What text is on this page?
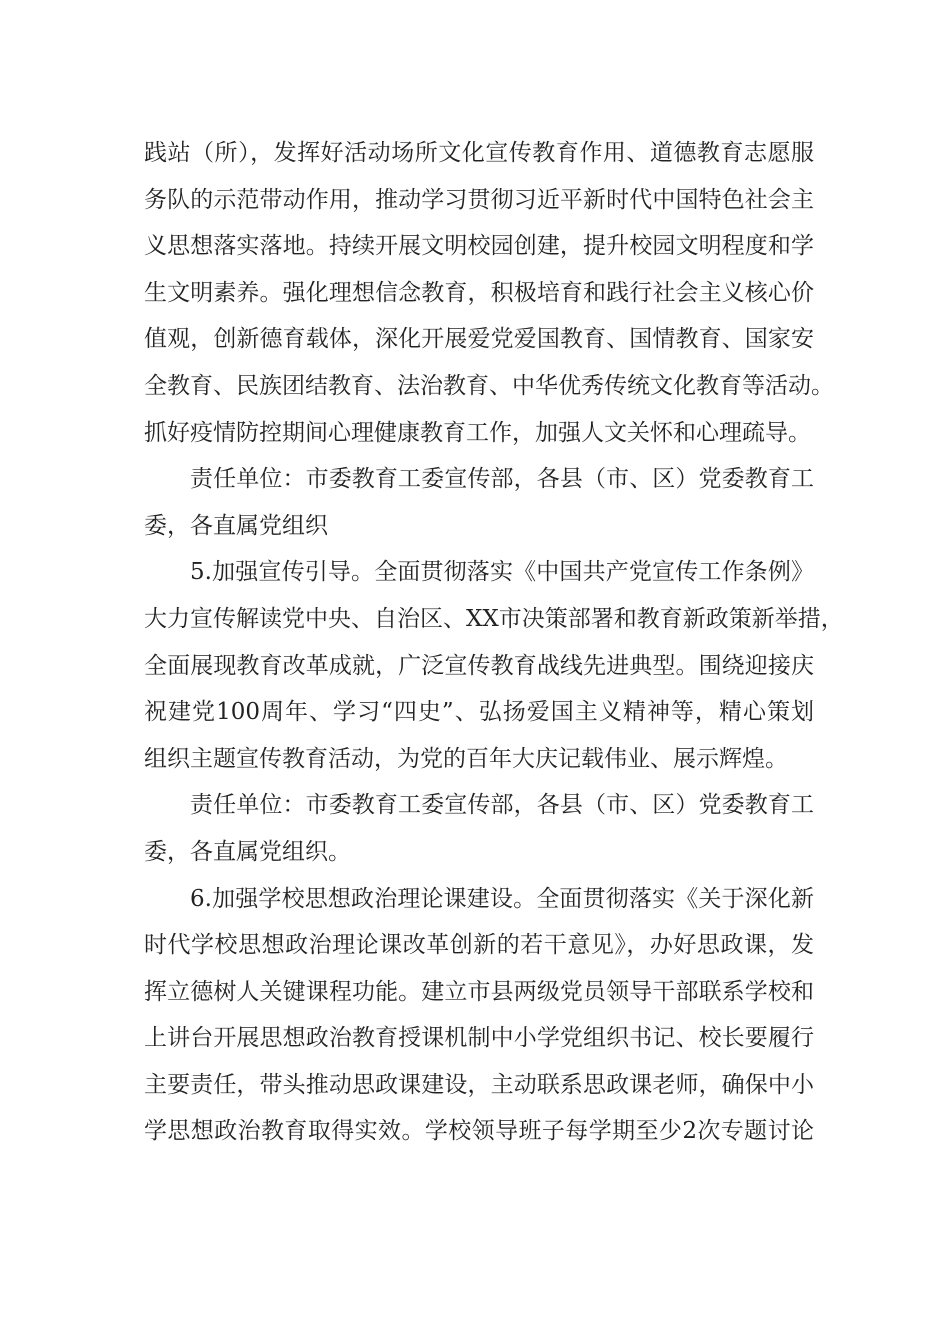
践站（所），发挥好活动场所文化宣传教育作用、道德教育志愿服
务队的示范带动作用，推动学习贯彻习近平新时代中国特色社会主
义思想落实落地。持续开展文明校园创建，提升校园文明程度和学
生文明素养。强化理想信念教育，积极培育和践行社会主义核心价
值观，创新德育载体，深化开展爱党爱国教育、国情教育、国家安
全教育、民族团结教育、法治教育、中华优秀传统文化教育等活动。
抓好疫情防控期间心理健康教育工作，加强人文关怀和心理疏导。
责任单位：市委教育工委宣传部，各县（市、区）党委教育工
委，各直属党组织
5.加强宣传引导。全面贯彻落实《中国共产党宣传工作条例》
大力宣传解读党中央、自治区、XX市决策部署和教育新政策新举措，
全面展现教育改革成就，广泛宣传教育战线先进典型。围绕迎接庆
祝建党100周年、学习“四史”、弘扬爱国主义精神等，精心策划
组织主题宣传教育活动，为党的百年大庆记载伟业、展示辉煌。
责任单位：市委教育工委宣传部，各县（市、区）党委教育工
委，各直属党组织。
6.加强学校思想政治理论课建设。全面贯彻落实《关于深化新
时代学校思想政治理论课改革创新的若干意见》，办好思政课，发
挥立德树人关键课程功能。建立市县两级党员领导干部联系学校和
上讲台开展思想政治教育授课机制中小学党组织书记、校长要履行
主要责任，带头推动思政课建设，主动联系思政课老师，确保中小
学思想政治教育取得实效。学校领导班子每学期至少2次专题讨论
